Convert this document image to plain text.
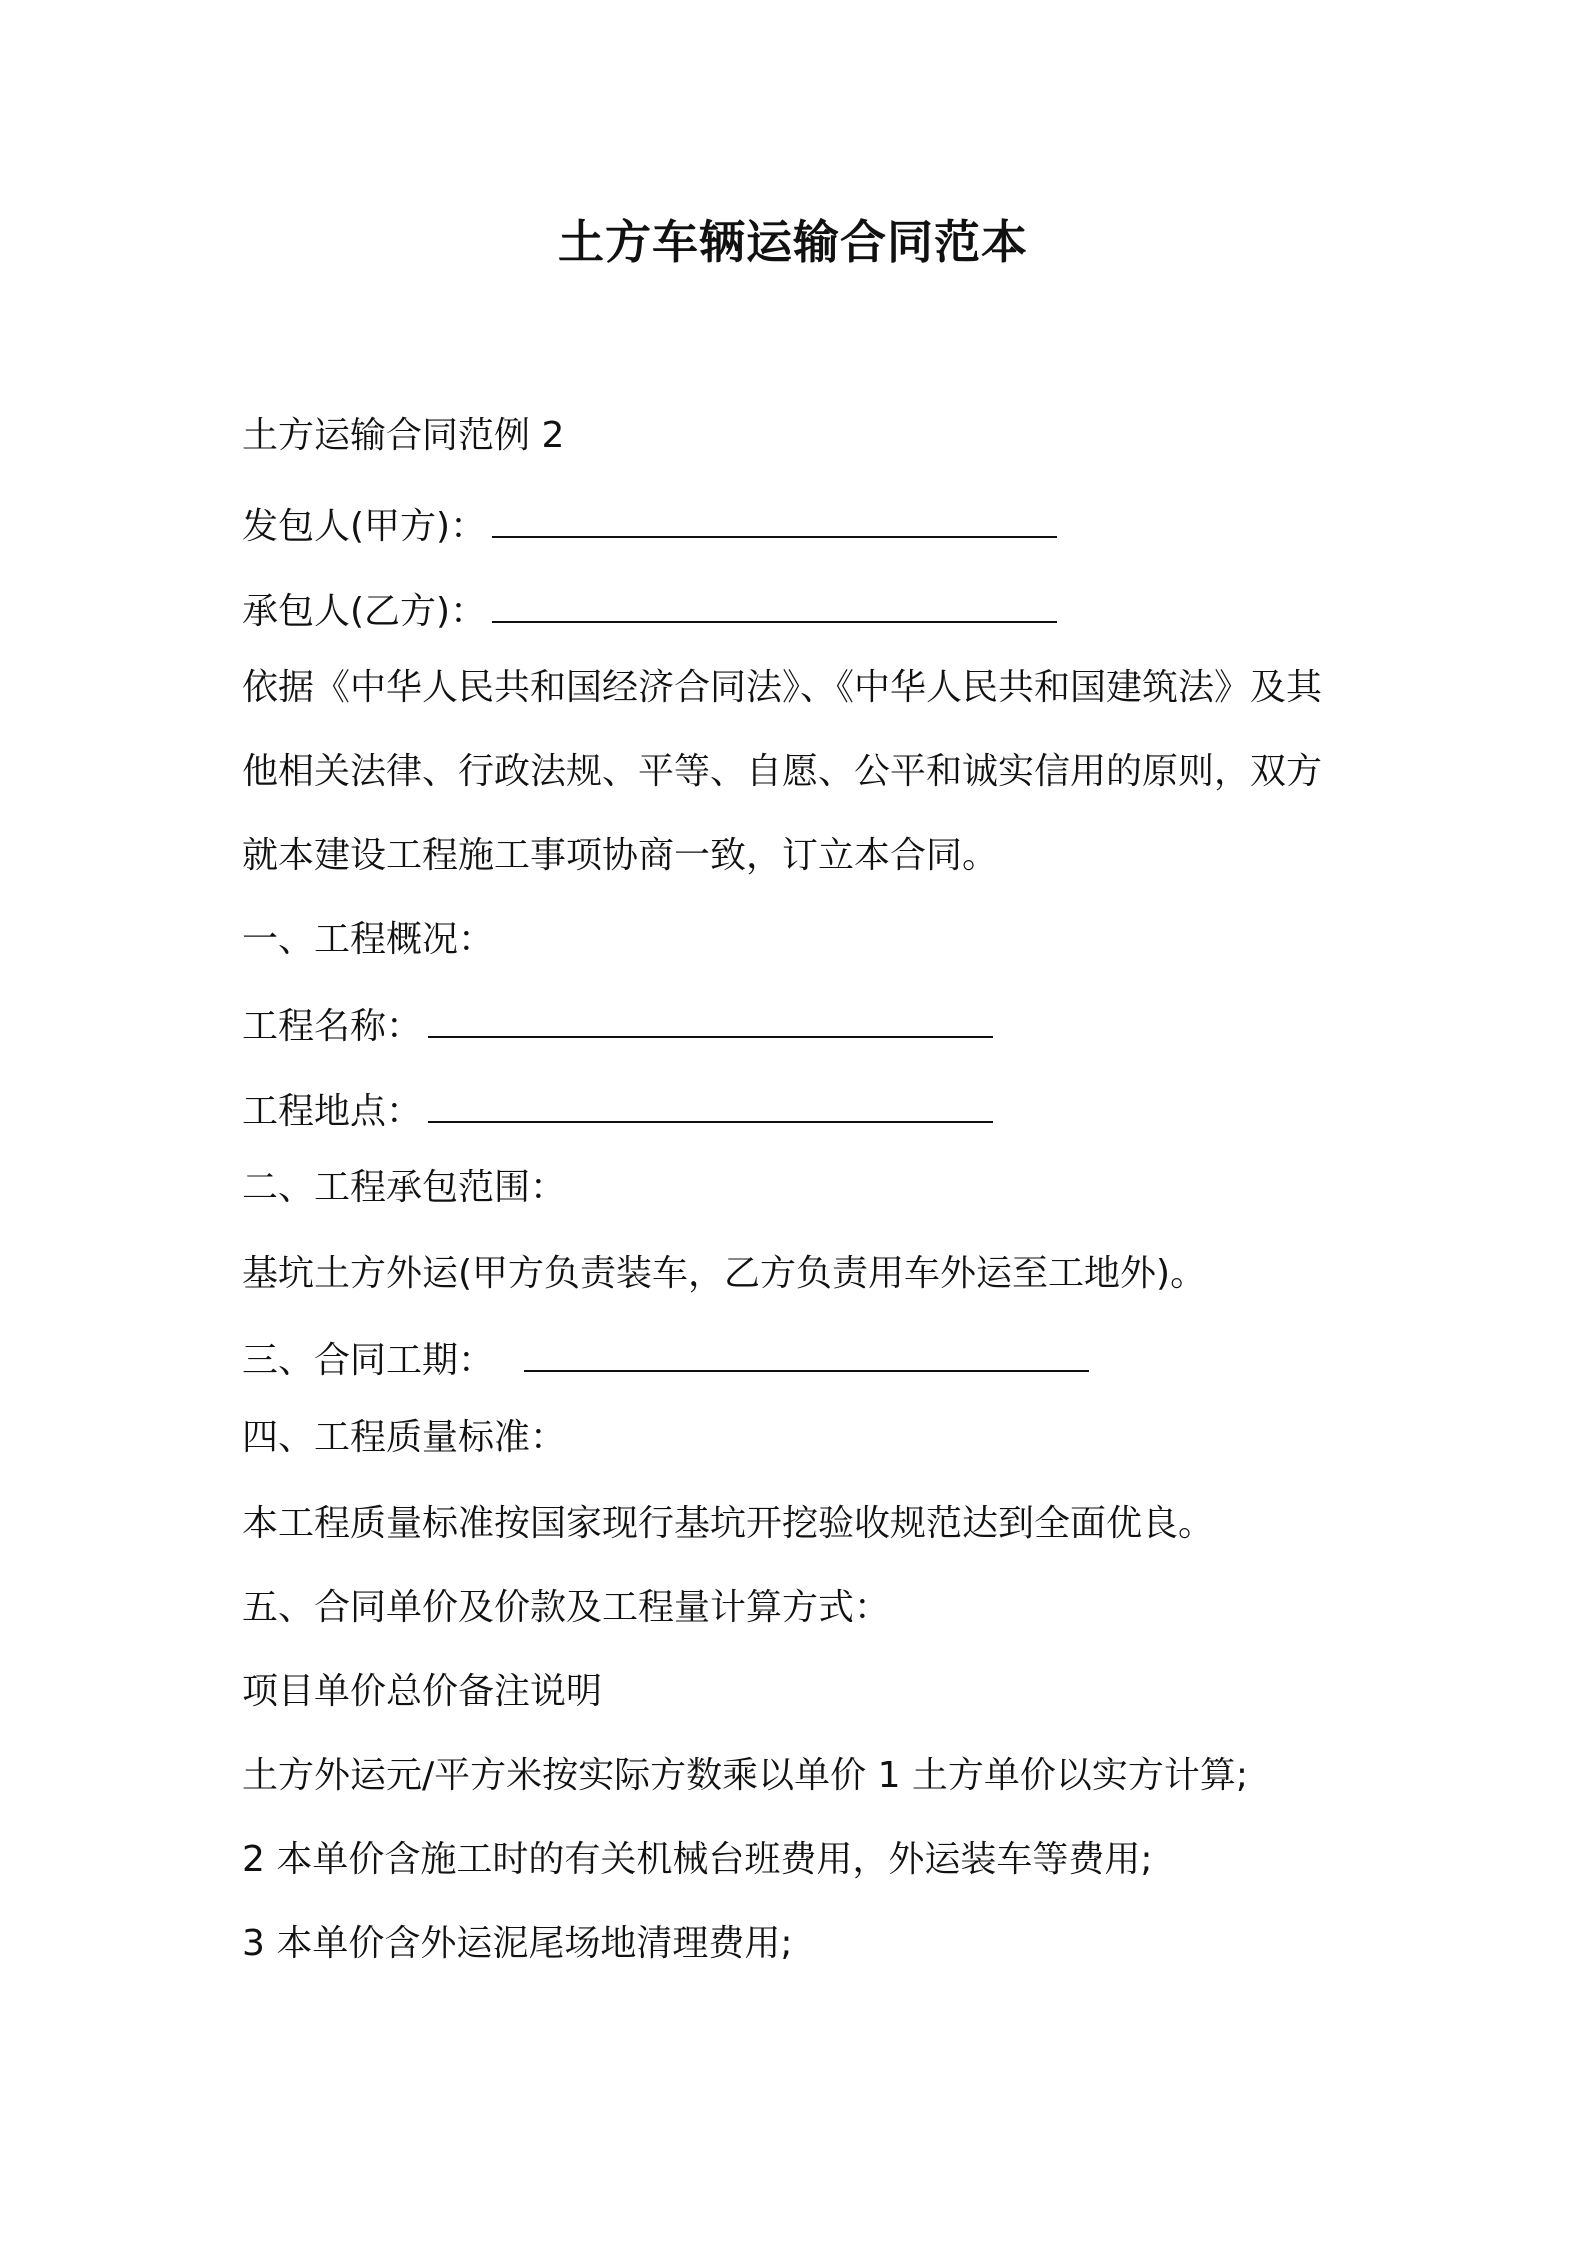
土方车辆运输合同范本
土方运输合同范例 2
发包人(甲方)：
承包人(乙方)：
依据《中华人民共和国经济合同法》、《中华人民共和国建筑法》及其
他相关法律、行政法规、平等、自愿、公平和诚实信用的原则，双方
就本建设工程施工事项协商一致，订立本合同。
一、工程概况：
工程名称：
工程地点：
二、工程承包范围：
基坑土方外运(甲方负责装车，乙方负责用车外运至工地外)。
三、合同工期：
四、工程质量标准：
本工程质量标准按国家现行基坑开挖验收规范达到全面优良。
五、合同单价及价款及工程量计算方式：
项目单价总价备注说明
土方外运元/平方米按实际方数乘以单价 1 土方单价以实方计算;
2 本单价含施工时的有关机械台班费用，外运装车等费用;
3 本单价含外运泥尾场地清理费用;
